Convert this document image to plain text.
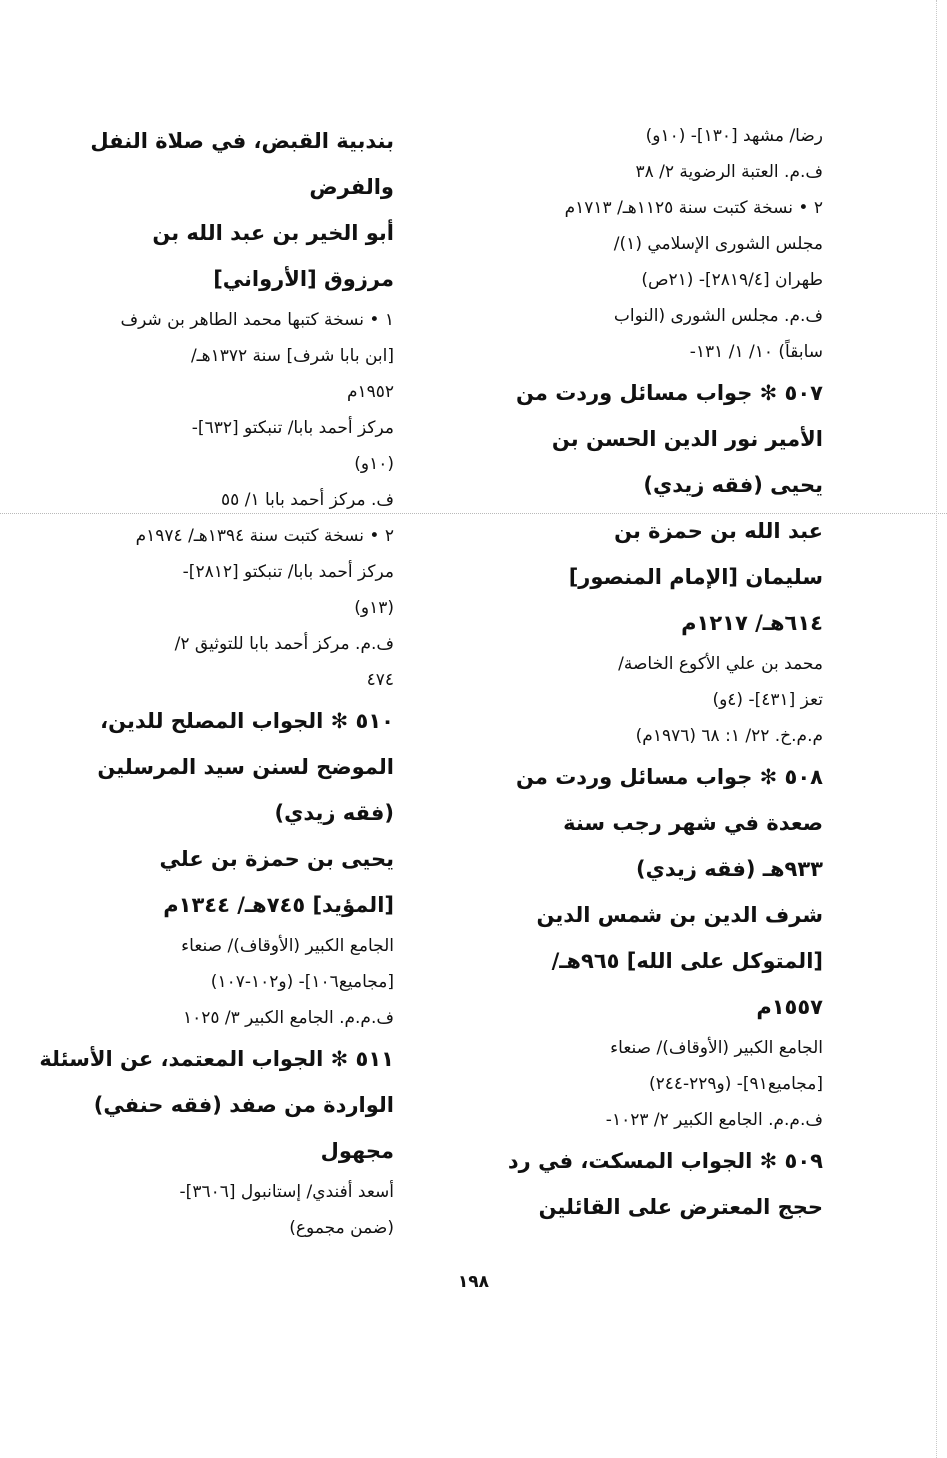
رضا/ مشهد [١٣٠]- (١٠و)
ف.م. العتبة الرضوية ٢/ ٣٨
٢ • نسخة كتبت سنة ١١٢٥هـ/ ١٧١٣م
مجلس الشورى الإسلامي (١)/
طهران [٢٨١٩/٤]- (٢١ص)
ف.م. مجلس الشورى (النواب
سابقاً) ١٠/ ١/ ١٣١-
٥٠٧ ✻ جواب مسائل وردت من
الأمير نور الدين الحسن بن
يحيى (فقه زيدي)
عبد الله بن حمزة بن
سليمان [الإمام المنصور]
٦١٤هـ/ ١٢١٧م
محمد بن علي الأكوع الخاصة/
تعز [٤٣١]- (٤و)
م.م.خ. ٢٢/ ١: ٦٨ (١٩٧٦م)
٥٠٨ ✻ جواب مسائل وردت من
صعدة في شهر رجب سنة
٩٣٣هـ (فقه زيدي)
شرف الدين بن شمس الدين
[المتوكل على الله] ٩٦٥هـ/
١٥٥٧م
الجامع الكبير (الأوقاف)/ صنعاء
[مجاميع٩١]- (و٢٢٩-٢٤٤)
ف.م.م. الجامع الكبير ٢/ ١٠٢٣-
٥٠٩ ✻ الجواب المسكت، في رد
حجج المعترض على القائلين
بندبية القبض، في صلاة النفل
والفرض
أبو الخير بن عبد الله بن
مرزوق [الأرواني]
١ • نسخة كتبها محمد الطاهر بن شرف
[ابن بابا شرف] سنة ١٣٧٢هـ/
١٩٥٢م
مركز أحمد بابا/ تنبكتو [٦٣٢]-
(١٠و)
ف. مركز أحمد بابا ١/ ٥٥
٢ • نسخة كتبت سنة ١٣٩٤هـ/ ١٩٧٤م
مركز أحمد بابا/ تنبكتو [٢٨١٢]-
(١٣و)
ف.م. مركز أحمد بابا للتوثيق ٢/
٤٧٤
٥١٠ ✻ الجواب المصلح للدين،
الموضح لسنن سيد المرسلين
(فقه زيدي)
يحيى بن حمزة بن علي
[المؤيد] ٧٤٥هـ/ ١٣٤٤م
الجامع الكبير (الأوقاف)/ صنعاء
[مجاميع١٠٦]- (و١٠٢-١٠٧)
ف.م.م. الجامع الكبير ٣/ ١٠٢٥
٥١١ ✻ الجواب المعتمد، عن الأسئلة
الواردة من صفد (فقه حنفي)
مجهول
أسعد أفندي/ إستانبول [٣٦٠٦]-
(ضمن مجموع)
١٩٨
